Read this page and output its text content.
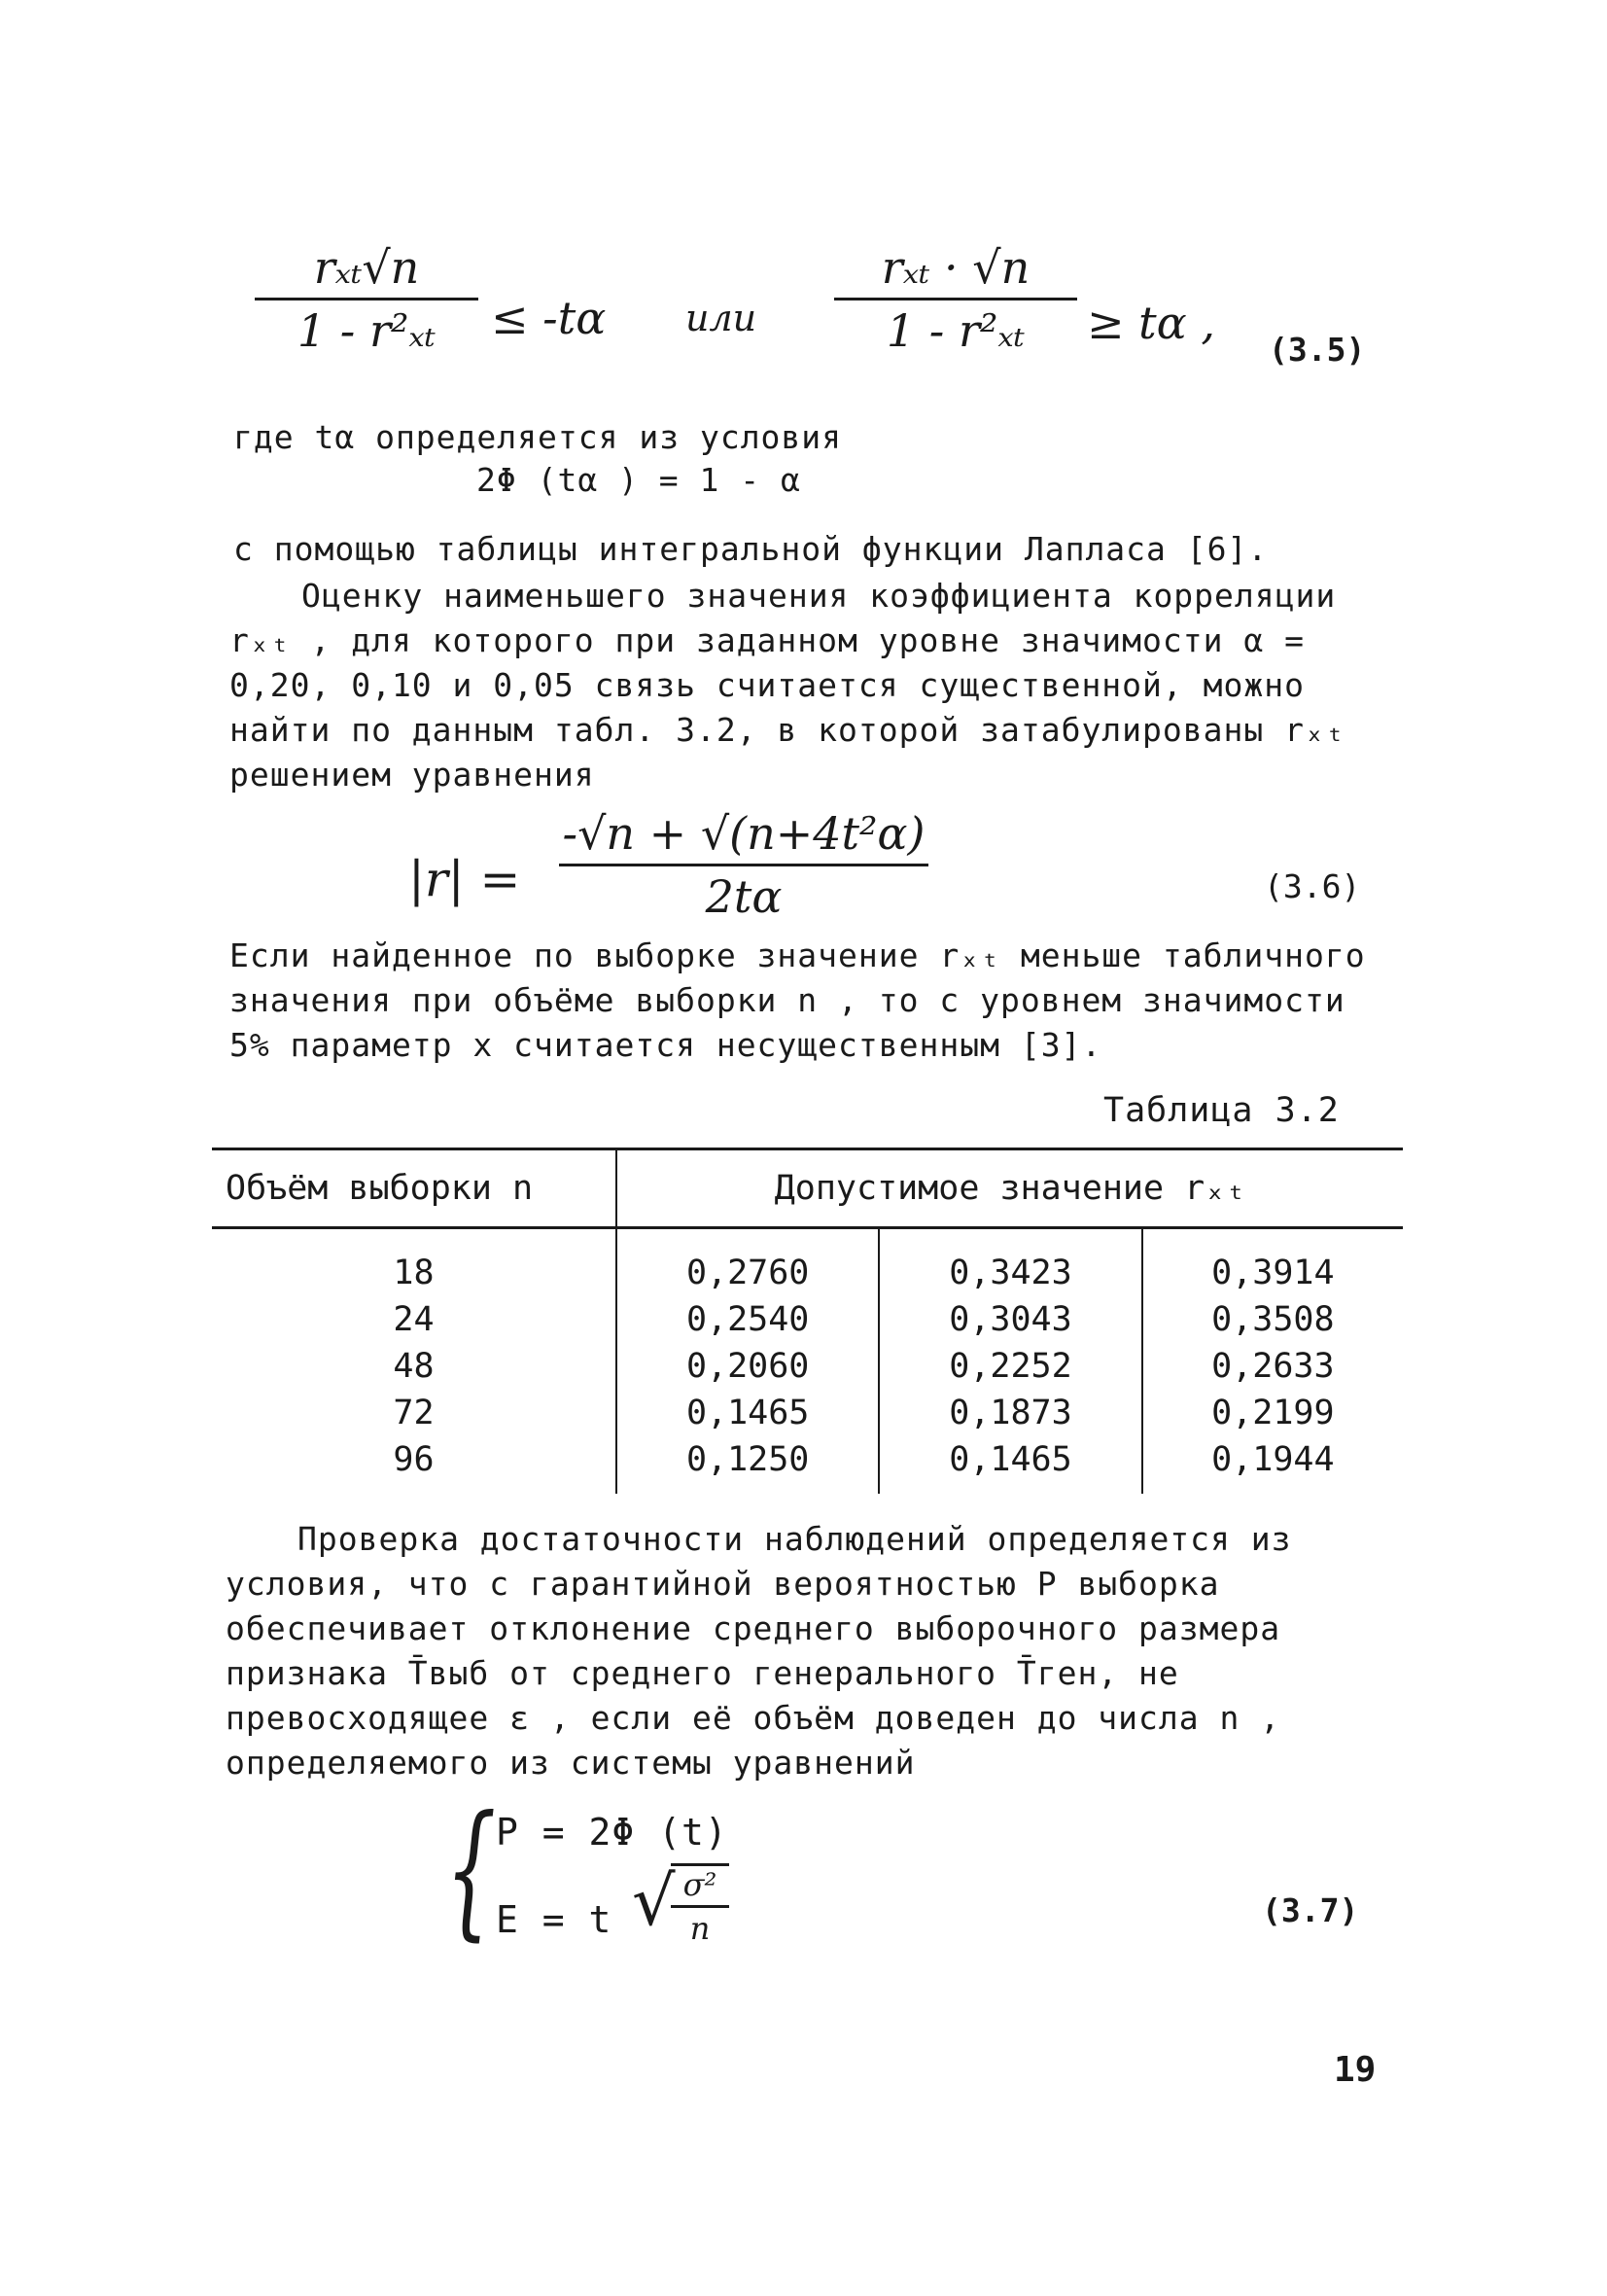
rₓₜ√n
1 - r²ₓₜ	≤ -tα или
rₓₜ · √n
1 - r²ₓₜ	≥ tα ,
(3.5)
где tα определяется из условия
2Φ (tα ) = 1 - α
с помощью таблицы интегральной функции Лапласа [6].
Оценку наименьшего значения коэффициента корреляции rₓₜ , для которого при заданном уровне значимости α = 0,20, 0,10 и 0,05 связь считается существенной, можно найти по данным табл. 3.2, в которой затабулированы rₓₜ решением уравнения
|r| =
-√n + √(n+4t²α)
2tα	(3.6)
Если найденное по выборке значение rₓₜ меньше табличного значения при объёме выборки n , то с уровнем значимости 5% параметр x считается несущественным [3].
Таблица 3.2
Объём выборки n	Допустимое значение rₓₜ		
18	0,2760	0,3423	0,3914
24	0,2540	0,3043	0,3508
48	0,2060	0,2252	0,2633
72	0,1465	0,1873	0,2199
96	0,1250	0,1465	0,1944
Проверка достаточности наблюдений определяется из условия, что с гарантийной вероятностью P выборка обеспечивает отклонение среднего выборочного размера признака T̄выб от среднего генерального T̄ген, не превосходящее ε , если её объём доведен до числа n , определяемого из системы уравнений
{ P = 2Φ (t)
E = t √ σ²
n	(3.7)
19
